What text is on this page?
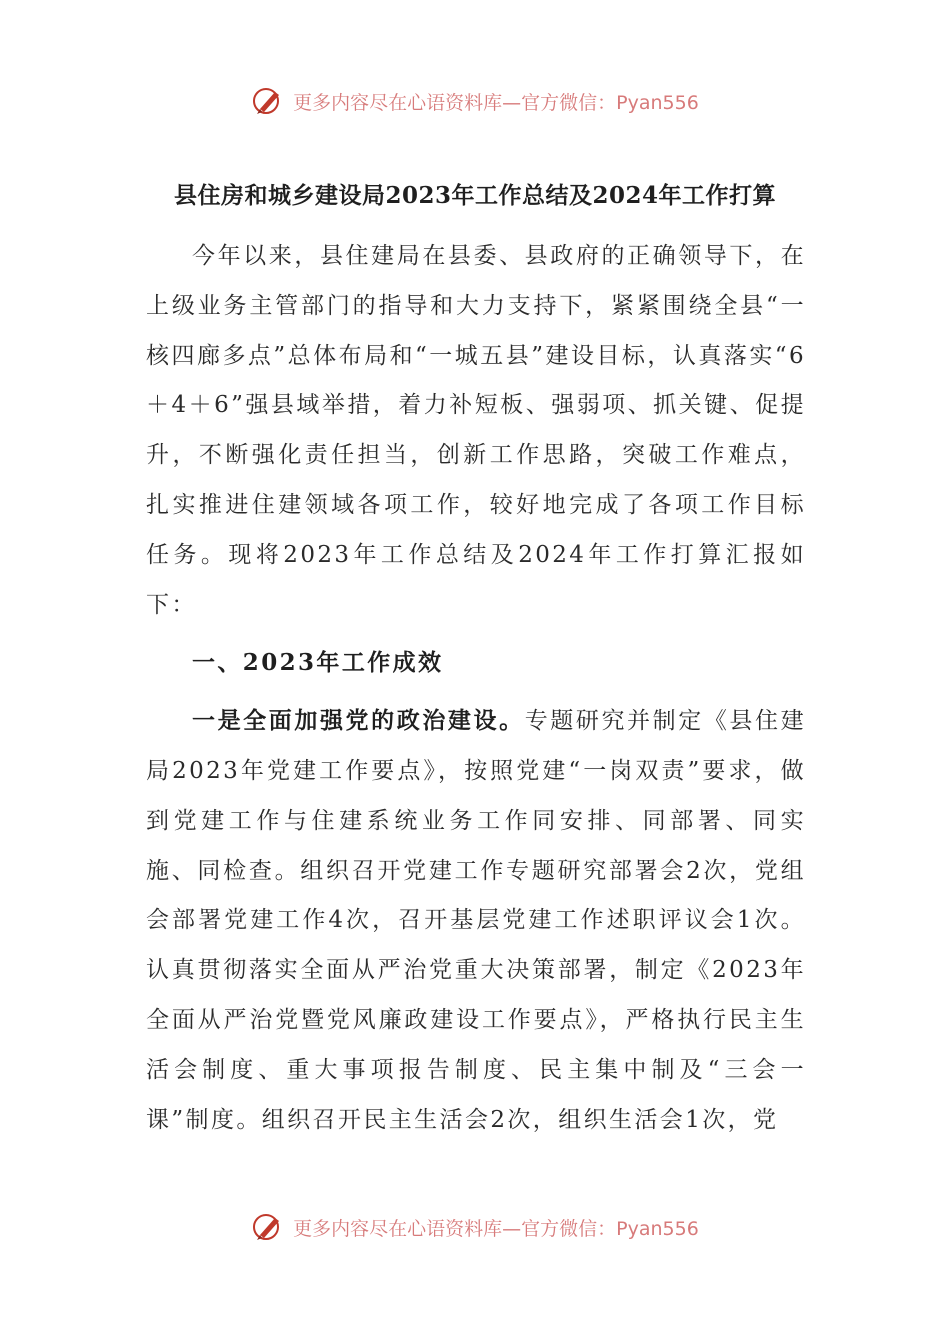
更多内容尽在心语资料库—官方微信：Pyan556
县住房和城乡建设局2023年工作总结及2024年工作打算

今年以来，县住建局在县委、县政府的正确领导下，在上级业务主管部门的指导和大力支持下，紧紧围绕全县“一核四廊多点”总体布局和“一城五县”建设目标，认真落实“6＋4＋6”强县域举措，着力补短板、强弱项、抓关键、促提升，不断强化责任担当，创新工作思路，突破工作难点，扎实推进住建领域各项工作，较好地完成了各项工作目标任务。现将2023年工作总结及2024年工作打算汇报如下：

一、2023年工作成效

一是全面加强党的政治建设。专题研究并制定《县住建局2023年党建工作要点》，按照党建“一岗双责”要求，做到党建工作与住建系统业务工作同安排、同部署、同实施、同检查。组织召开党建工作专题研究部署会2次，党组会部署党建工作4次，召开基层党建工作述职评议会1次。认真贯彻落实全面从严治党重大决策部署，制定《2023年全面从严治党暨党风廉政建设工作要点》，严格执行民主生活会制度、重大事项报告制度、民主集中制及“三会一课”制度。组织召开民主生活会2次，组织生活会1次，党

更多内容尽在心语资料库—官方微信：Pyan556
